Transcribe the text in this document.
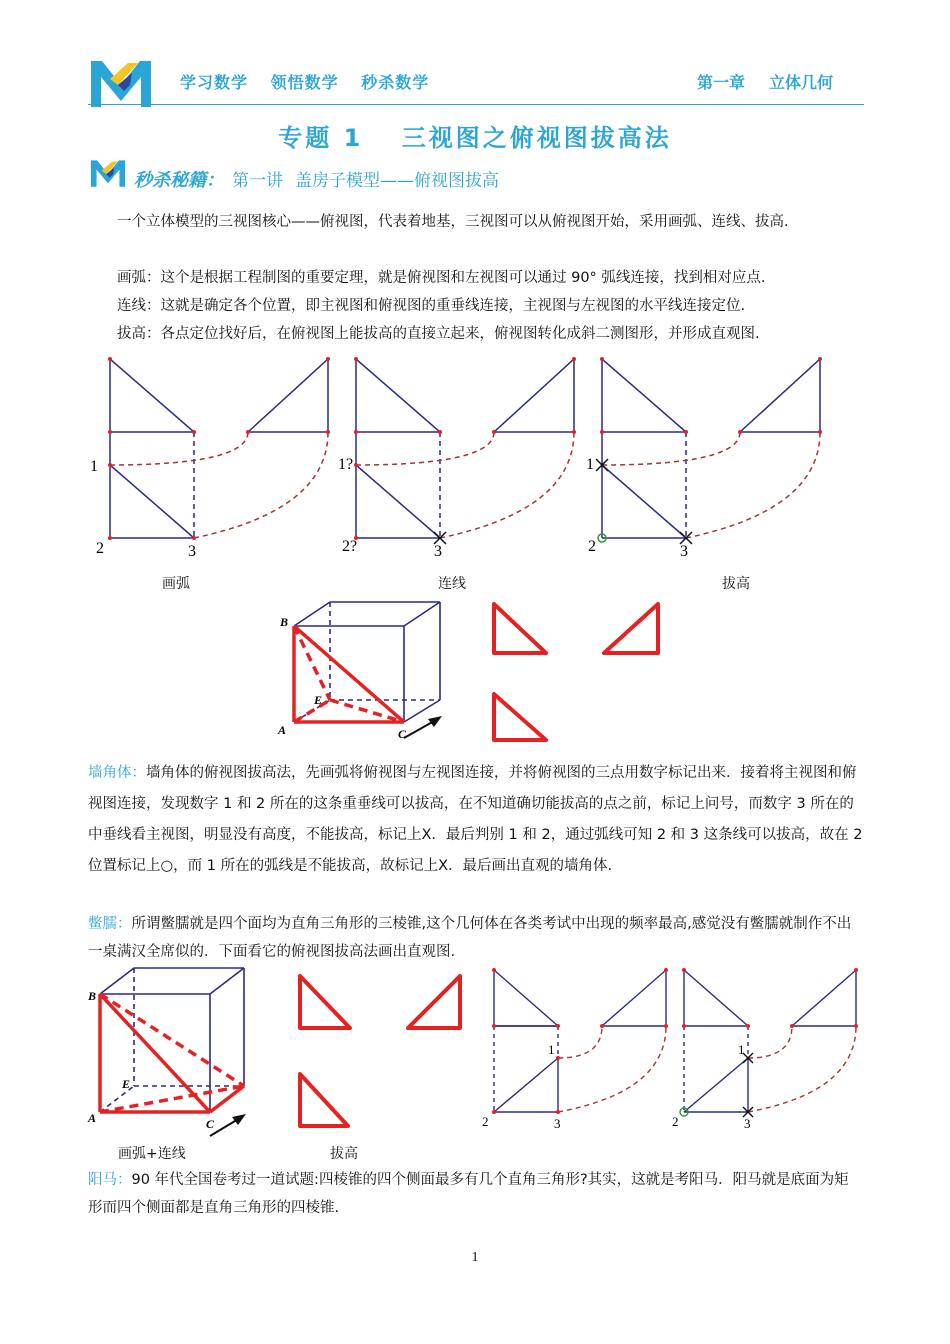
学习数学 领悟数学 秒杀数学	第一章 立体几何
专题 1　 三视图之俯视图拔高法
秒杀秘籍： 第一讲 盖房子模型——俯视图拔高
一个立体模型的三视图核心——俯视图，代表着地基，三视图可以从俯视图开始，采用画弧、连线、拔高.
画弧：这个是根据工程制图的重要定理，就是俯视图和左视图可以通过 90° 弧线连接，找到相对应点.
连线：这就是确定各个位置，即主视图和俯视图的重垂线连接，主视图与左视图的水平线连接定位.
拔高：各点定位找好后，在俯视图上能拔高的直接立起来，俯视图转化成斜二测图形，并形成直观图.
1
2	3
1?
2?	3
1
2	3
画弧	连线	拔高
B
E
A	C
墙角体：墙角体的俯视图拔高法，先画弧将俯视图与左视图连接，并将俯视图的三点用数字标记出来．接着将主视图和俯视图连接，发现数字 1 和 2 所在的这条重垂线可以拔高，在不知道确切能拔高的点之前，标记上问号，而数字 3 所在的中垂线看主视图，明显没有高度，不能拔高，标记上X．最后判别 1 和 2，通过弧线可知 2 和 3 这条线可以拔高，故在 2 位置标记上○，而 1 所在的弧线是不能拔高，故标记上X．最后画出直观的墙角体.
鳖臑：所谓鳖臑就是四个面均为直角三角形的三棱锥,这个几何体在各类考试中出现的频率最高,感觉没有鳖臑就制作不出一桌满汉全席似的．下面看它的俯视图拔高法画出直观图.
B
E
A	C
1
2	3
1
2	3
画弧+连线	拔高
阳马：90 年代全国卷考过一道试题:四棱锥的四个侧面最多有几个直角三角形?其实，这就是考阳马．阳马就是底面为矩形而四个侧面都是直角三角形的四棱锥.
1
